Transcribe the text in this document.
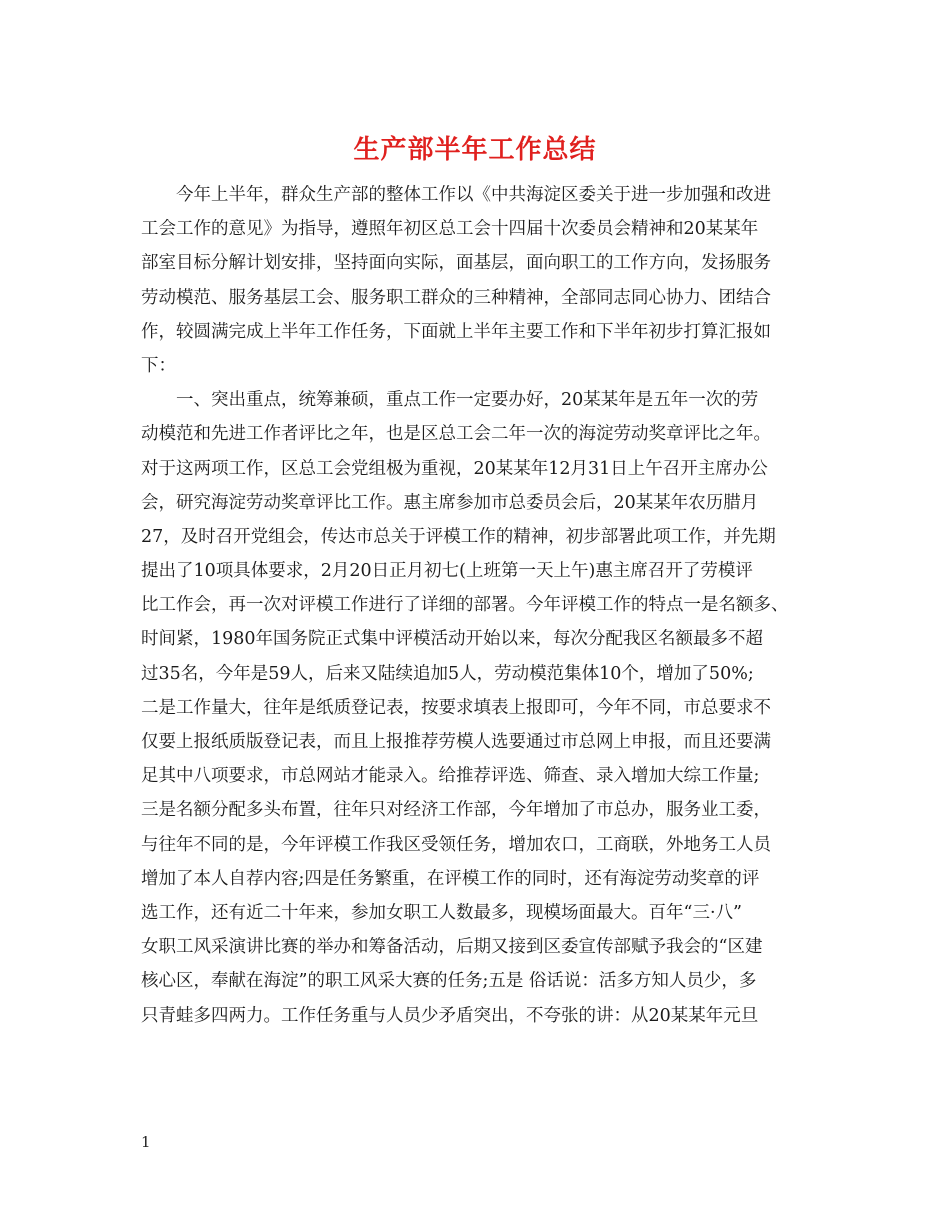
生产部半年工作总结
今年上半年，群众生产部的整体工作以《中共海淀区委关于进一步加强和改进
工会工作的意见》为指导，遵照年初区总工会十四届十次委员会精神和20某某年
部室目标分解计划安排，坚持面向实际，面基层，面向职工的工作方向，发扬服务
劳动模范、服务基层工会、服务职工群众的三种精神，全部同志同心协力、团结合
作，较圆满完成上半年工作任务，下面就上半年主要工作和下半年初步打算汇报如
下：
一、突出重点，统筹兼硕，重点工作一定要办好，20某某年是五年一次的劳
动模范和先进工作者评比之年，也是区总工会二年一次的海淀劳动奖章评比之年。
对于这两项工作，区总工会党组极为重视，20某某年12月31日上午召开主席办公
会，研究海淀劳动奖章评比工作。惠主席参加市总委员会后，20某某年农历腊月
27，及时召开党组会，传达市总关于评模工作的精神，初步部署此项工作，并先期
提出了10项具体要求，2月20日正月初七(上班第一天上午)惠主席召开了劳模评
比工作会，再一次对评模工作进行了详细的部署。今年评模工作的特点一是名额多、
时间紧，1980年国务院正式集中评模活动开始以来，每次分配我区名额最多不超
过35名，今年是59人，后来又陆续追加5人，劳动模范集体10个，增加了50%;
二是工作量大，往年是纸质登记表，按要求填表上报即可，今年不同，市总要求不
仅要上报纸质版登记表，而且上报推荐劳模人选要通过市总网上申报，而且还要满
足其中八项要求，市总网站才能录入。给推荐评选、筛查、录入增加大综工作量;
三是名额分配多头布置，往年只对经济工作部，今年增加了市总办，服务业工委，
与往年不同的是，今年评模工作我区受领任务，增加农口，工商联，外地务工人员
增加了本人自荐内容;四是任务繁重，在评模工作的同时，还有海淀劳动奖章的评
选工作，还有近二十年来，参加女职工人数最多，现模场面最大。百年“三·八”
女职工风采演讲比赛的举办和筹备活动，后期又接到区委宣传部赋予我会的“区建
核心区，奉献在海淀”的职工风采大赛的任务;五是 俗话说：活多方知人员少，多
只青蛙多四两力。工作任务重与人员少矛盾突出，不夸张的讲：从20某某年元旦
1
